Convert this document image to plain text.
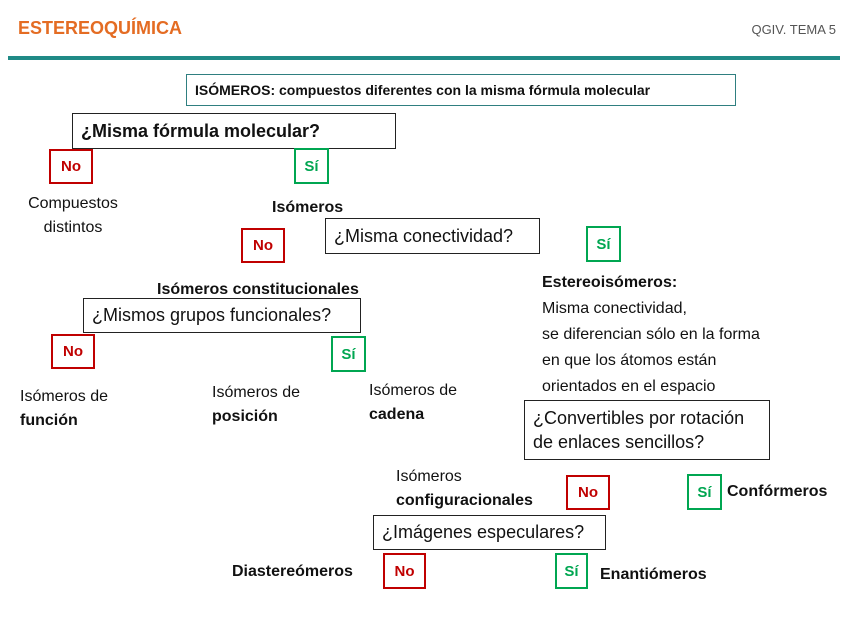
ESTEREOQUÍMICA	QGIV. TEMA 5
ISÓMEROS: compuestos diferentes con la misma fórmula molecular
¿Misma fórmula molecular?
No	Sí
Compuestos
distintos
Isómeros
No	¿Misma conectividad?	Sí
Isómeros constitucionales	Estereoisómeros:
Misma conectividad,
se diferencian sólo en la forma
en que los átomos están
orientados en el espacio
¿Mismos grupos funcionales?
No	Sí
Isómeros de
función
Isómeros de
posición
Isómeros de
cadena	¿Convertibles por rotación
de enlaces sencillos?
Isómeros
configuracionales	No	Sí Confórmeros
¿Imágenes especulares?
Diastereómeros	No	Sí	Enantiómeros
